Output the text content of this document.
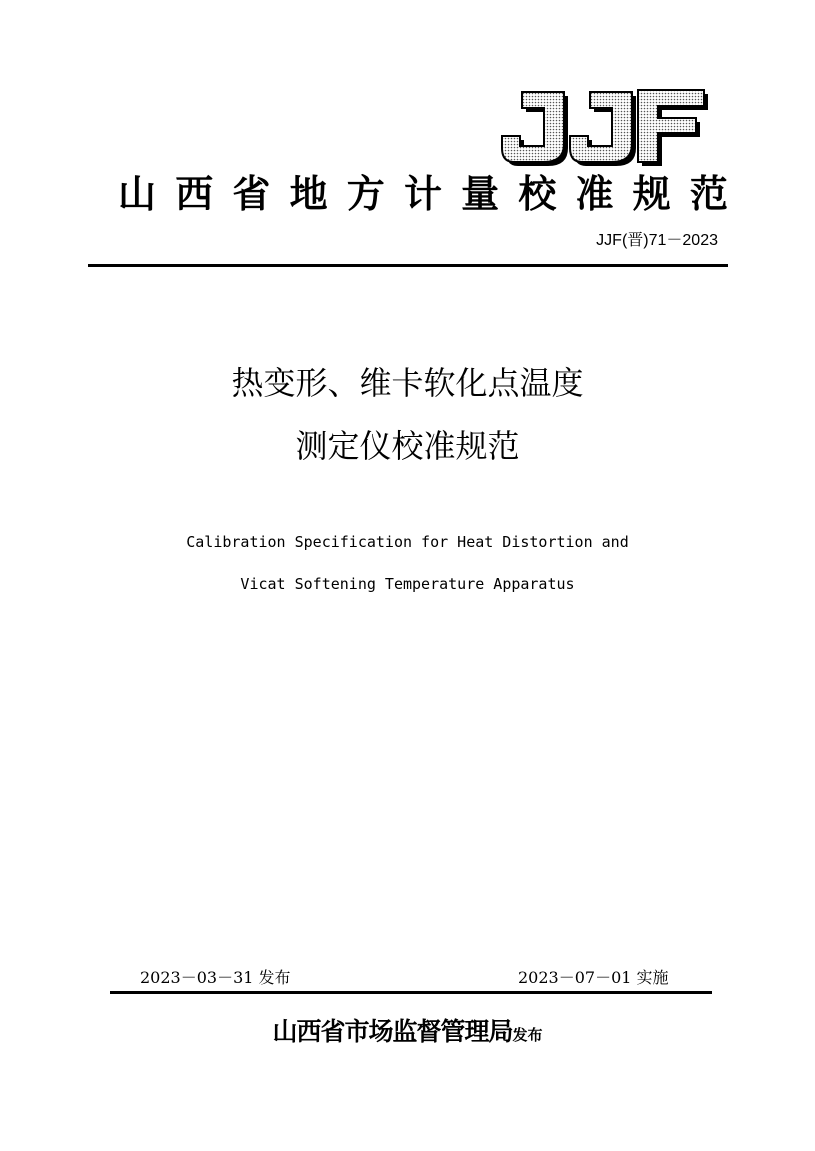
山 西 省 地 方 计 量 校 准 规 范
JJF(晋)71－2023
热变形、维卡软化点温度
测定仪校准规范
Calibration Specification for Heat Distortion and
Vicat Softening Temperature Apparatus
2023－03－31 发布	2023－07－01 实施
山西省市场监督管理局发布
